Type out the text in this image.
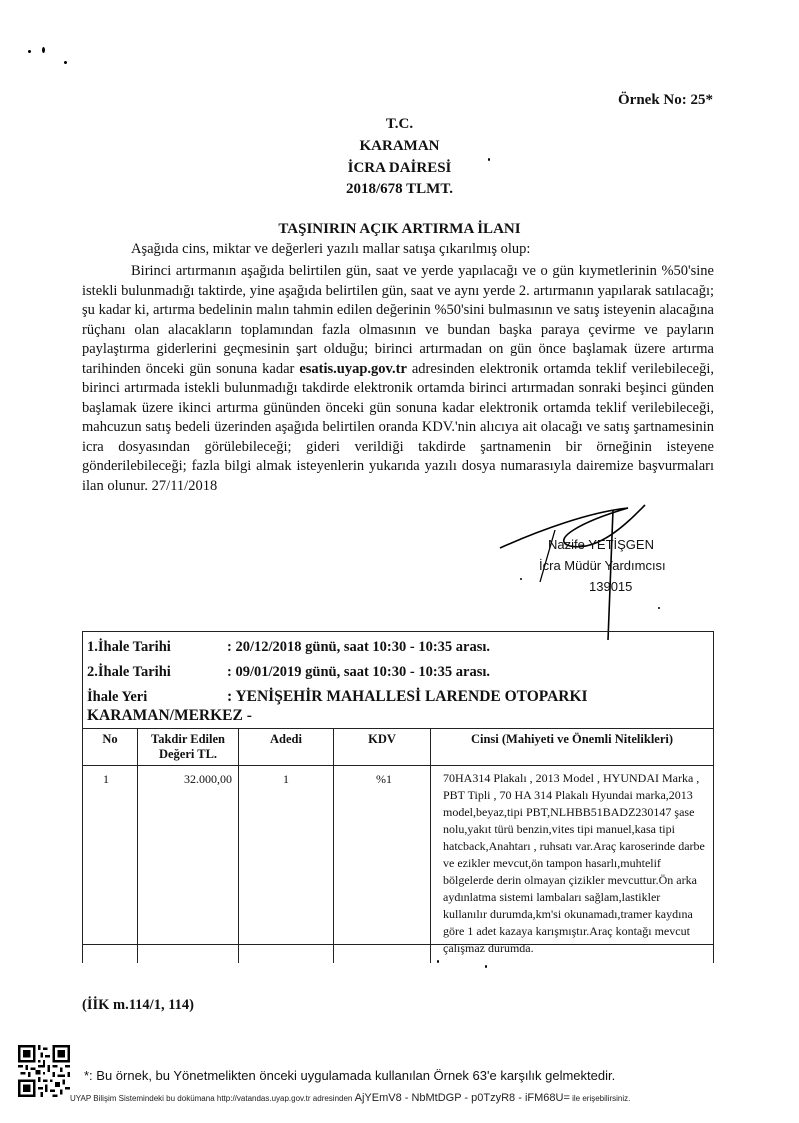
Örnek No: 25*
T.C.
KARAMAN
İCRA DAİRESİ
2018/678 TLMT.
TAŞINIRIN AÇIK ARTIRMA İLANI
Aşağıda cins, miktar ve değerleri yazılı mallar satışa çıkarılmış olup:
Birinci artırmanın aşağıda belirtilen gün, saat ve yerde yapılacağı ve o gün kıymetlerinin %50'sine istekli bulunmadığı taktirde, yine aşağıda belirtilen gün, saat ve aynı yerde 2. artırmanın yapılarak satılacağı; şu kadar ki, artırma bedelinin malın tahmin edilen değerinin %50'sini bulmasının ve satış isteyenin alacağına rüçhanı olan alacakların toplamından fazla olmasının ve bundan başka paraya çevirme ve payların paylaştırma giderlerini geçmesinin şart olduğu; birinci artırmadan on gün önce başlamak üzere artırma tarihinden önceki gün sonuna kadar esatis.uyap.gov.tr adresinden elektronik ortamda teklif verilebileceği, birinci artırmada istekli bulunmadığı takdirde elektronik ortamda birinci artırmadan sonraki beşinci günden başlamak üzere ikinci artırma gününden önceki gün sonuna kadar elektronik ortamda teklif verilebileceği, mahcuzun satış bedeli üzerinden aşağıda belirtilen oranda KDV.'nin alıcıya ait olacağı ve satış şartnamesinin icra dosyasından görülebileceği; gideri verildiği takdirde şartnamenin bir örneğinin isteyene gönderilebileceği; fazla bilgi almak isteyenlerin yukarıda yazılı dosya numarasıyla dairemize başvurmaları ilan olunur. 27/11/2018
Nazife YETİŞGEN
İcra Müdür Yardımcısı
139015
1.İhale Tarihi	: 20/12/2018 günü, saat 10:30 - 10:35 arası.
2.İhale Tarihi	: 09/01/2019 günü, saat 10:30 - 10:35 arası.
İhale Yeri	: YENİŞEHİR MAHALLESİ LARENDE OTOPARKI
KARAMAN/MERKEZ -
No	Takdir Edilen Değeri TL.	Adedi	KDV	Cinsi (Mahiyeti ve Önemli Nitelikleri)
1	32.000,00	1	%1	70HA314 Plakalı , 2013 Model , HYUNDAI Marka , PBT Tipli , 70 HA 314 Plakalı Hyundai marka,2013 model,beyaz,tipi PBT,NLHBB51BADZ230147 şase nolu,yakıt türü benzin,vites tipi manuel,kasa tipi hatcback,Anahtarı , ruhsatı var.Araç karoserinde darbe ve ezikler mevcut,ön tampon hasarlı,muhtelif bölgelerde derin olmayan çizikler mevcuttur.Ön arka aydınlatma sistemi lambaları sağlam,lastikler kullanılır durumda,km'si okunamadı,tramer kaydına göre 1 adet kazaya karışmıştır.Araç kontağı mevcut çalışmaz durumda.
(İİK m.114/1, 114)
*: Bu örnek, bu Yönetmelikten önceki uygulamada kullanılan Örnek 63'e karşılık gelmektedir.
UYAP Bilişim Sistemindeki bu dokümana http://vatandas.uyap.gov.tr adresinden AjYEmV8 - NbMtDGP - p0TzyR8 - iFM68U= ile erişebilirsiniz.
